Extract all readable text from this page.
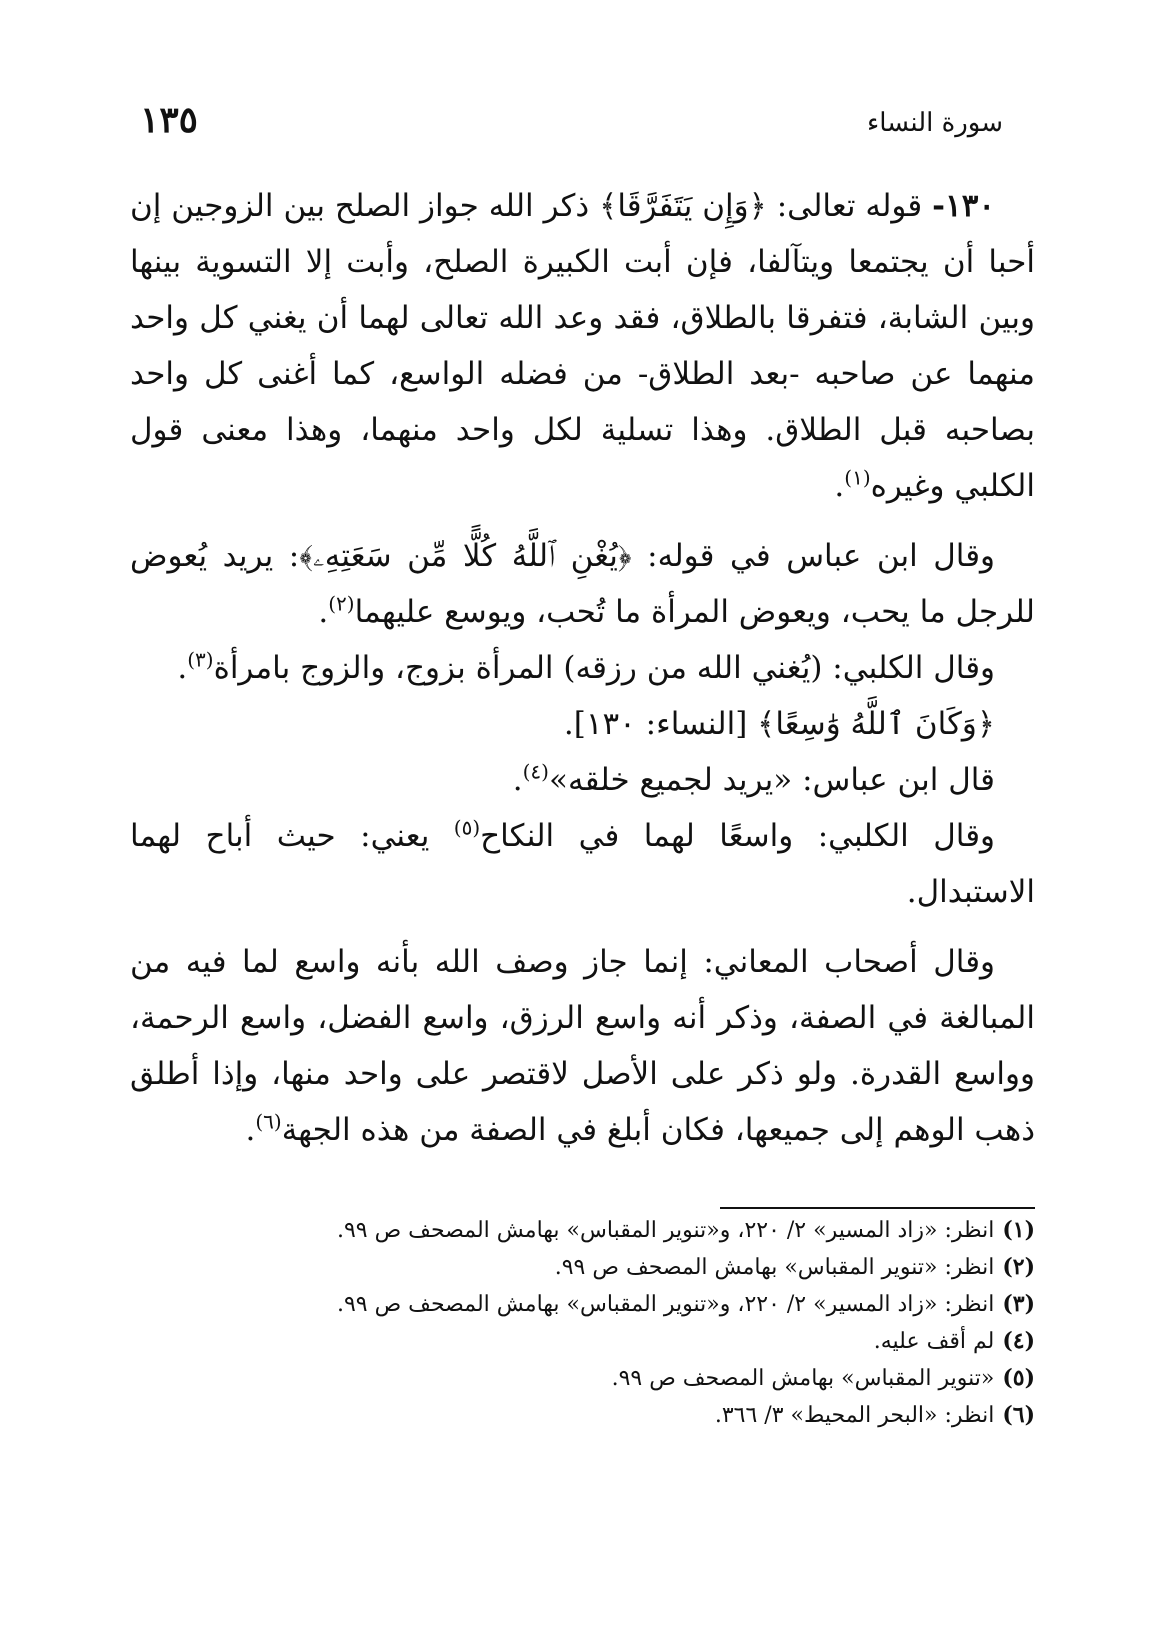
سورة النساء
١٣٥

١٣٠- قوله تعالى: ﴿وَإِن يَتَفَرَّقَا﴾ ذكر الله جواز الصلح بين الزوجين إن أحبا أن يجتمعا ويتآلفا، فإن أبت الكبيرة الصلح، وأبت إلا التسوية بينها وبين الشابة، فتفرقا بالطلاق، فقد وعد الله تعالى لهما أن يغني كل واحد منهما عن صاحبه -بعد الطلاق- من فضله الواسع، كما أغنى كل واحد بصاحبه قبل الطلاق. وهذا تسلية لكل واحد منهما، وهذا معنى قول الكلبي وغيره$^{(١)}$.

وقال ابن عباس في قوله: ﴿يُغْنِ ٱللَّهُ كُلًّا مِّن سَعَتِهِۦ﴾: يريد يُعوض للرجل ما يحب، ويعوض المرأة ما تُحب، ويوسع عليهما$^{(٢)}$.

وقال الكلبي: (يُغني الله من رزقه) المرأة بزوج، والزوج بامرأة$^{(٣)}$.

﴿وَكَانَ ٱللَّهُ وَٰسِعًا﴾ [النساء: ١٣٠].

قال ابن عباس: «يريد لجميع خلقه»$^{(٤)}$.

وقال الكلبي: واسعًا لهما في النكاح$^{(٥)}$ يعني: حيث أباح لهما الاستبدال.

وقال أصحاب المعاني: إنما جاز وصف الله بأنه واسع لما فيه من المبالغة في الصفة، وذكر أنه واسع الرزق، واسع الفضل، واسع الرحمة، وواسع القدرة. ولو ذكر على الأصل لاقتصر على واحد منها، وإذا أطلق ذهب الوهم إلى جميعها، فكان أبلغ في الصفة من هذه الجهة$^{(٦)}$.

(١)انظر: «زاد المسير» ٢/ ٢٢٠، و«تنوير المقباس» بهامش المصحف ص ٩٩.

(٢)انظر: «تنوير المقباس» بهامش المصحف ص ٩٩.

(٣)انظر: «زاد المسير» ٢/ ٢٢٠، و«تنوير المقباس» بهامش المصحف ص ٩٩.

(٤)لم أقف عليه.

(٥)«تنوير المقباس» بهامش المصحف ص ٩٩.

(٦)انظر: «البحر المحيط» ٣/ ٣٦٦.
